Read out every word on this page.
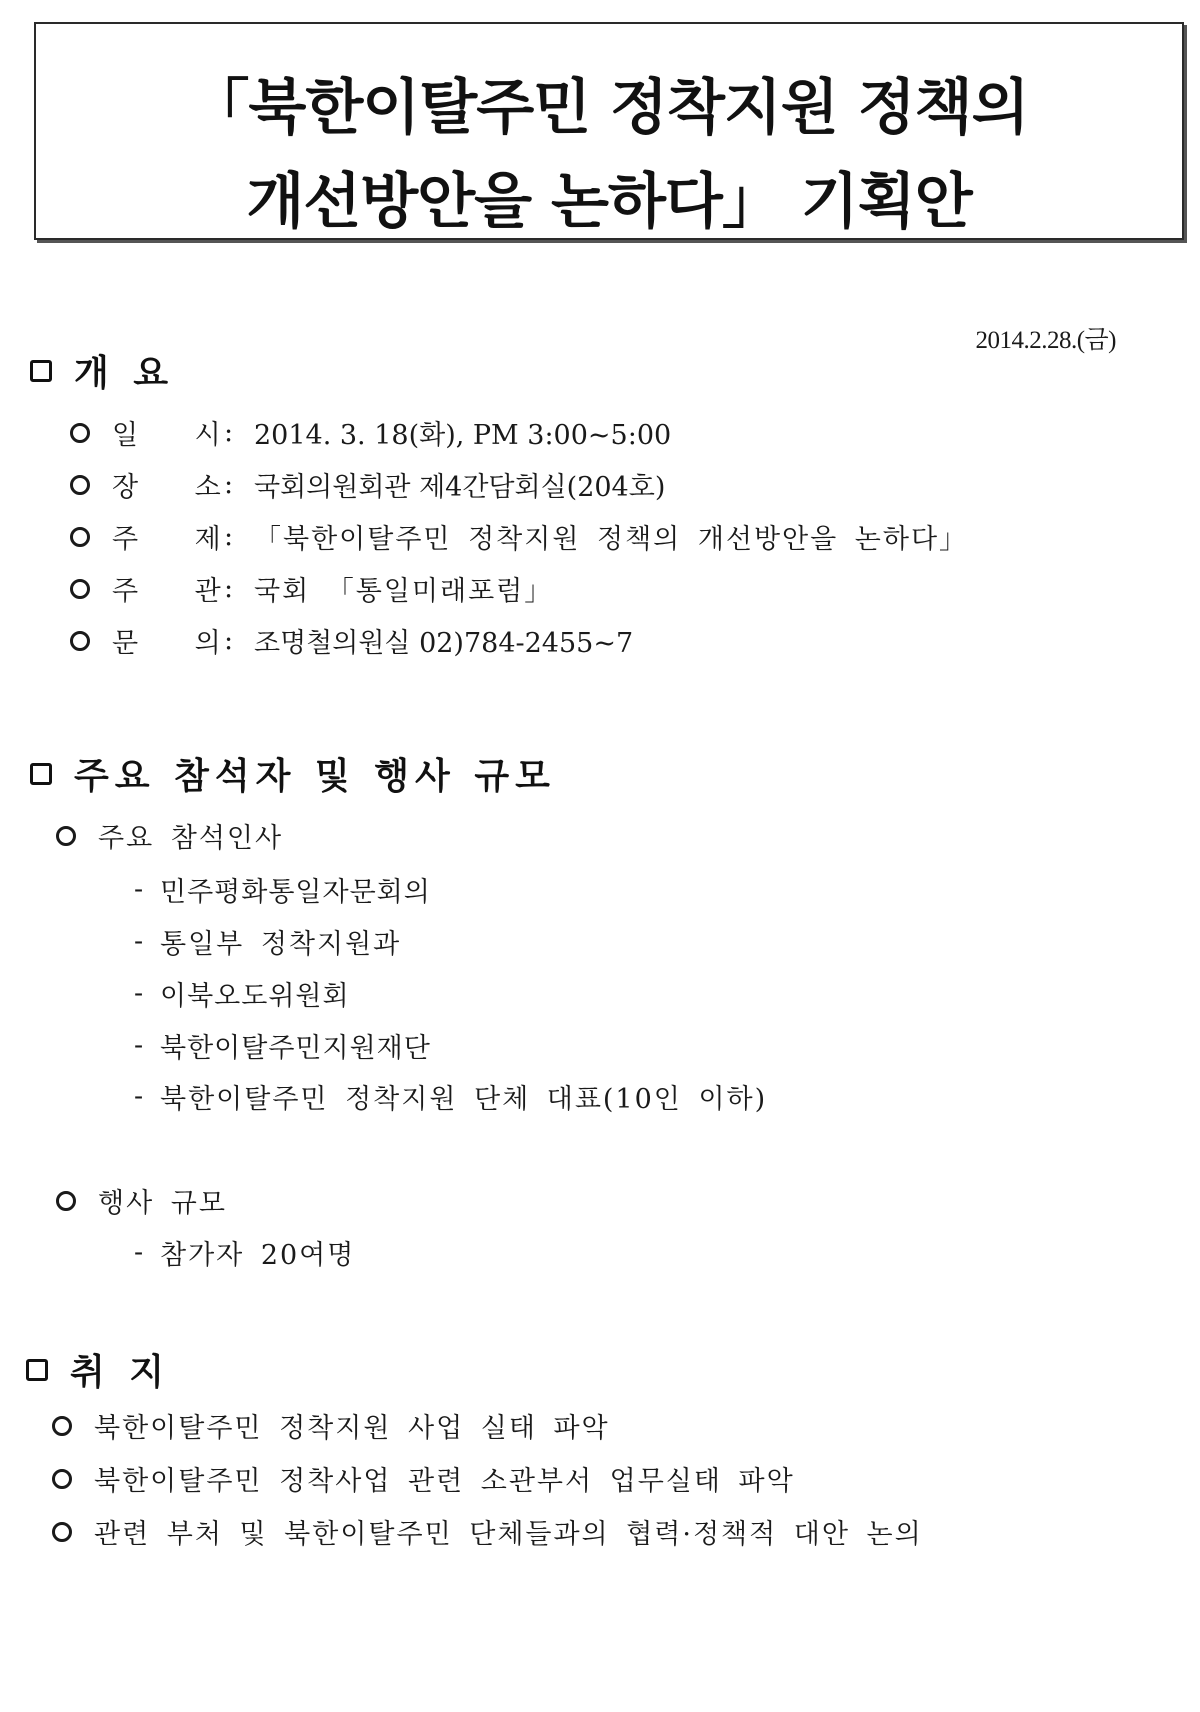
「북한이탈주민 정착지원 정책의
개선방안을 논하다」 기획안
2014.2.28.(금)
개 요
일 시 : 2014. 3. 18(화), PM 3:00~5:00
장 소 : 국회의원회관 제4간담회실(204호)
주 제 : 「북한이탈주민 정착지원 정책의 개선방안을 논하다」
주 관 : 국회 「통일미래포럼」
문 의 : 조명철의원실 02)784-2455~7
주요 참석자 및 행사 규모
주요 참석인사
- 민주평화통일자문회의
- 통일부 정착지원과
- 이북오도위원회
- 북한이탈주민지원재단
- 북한이탈주민 정착지원 단체 대표(10인 이하)
행사 규모
- 참가자 20여명
취 지
북한이탈주민 정착지원 사업 실태 파악
북한이탈주민 정착사업 관련 소관부서 업무실태 파악
관련 부처 및 북한이탈주민 단체들과의 협력·정책적 대안 논의
